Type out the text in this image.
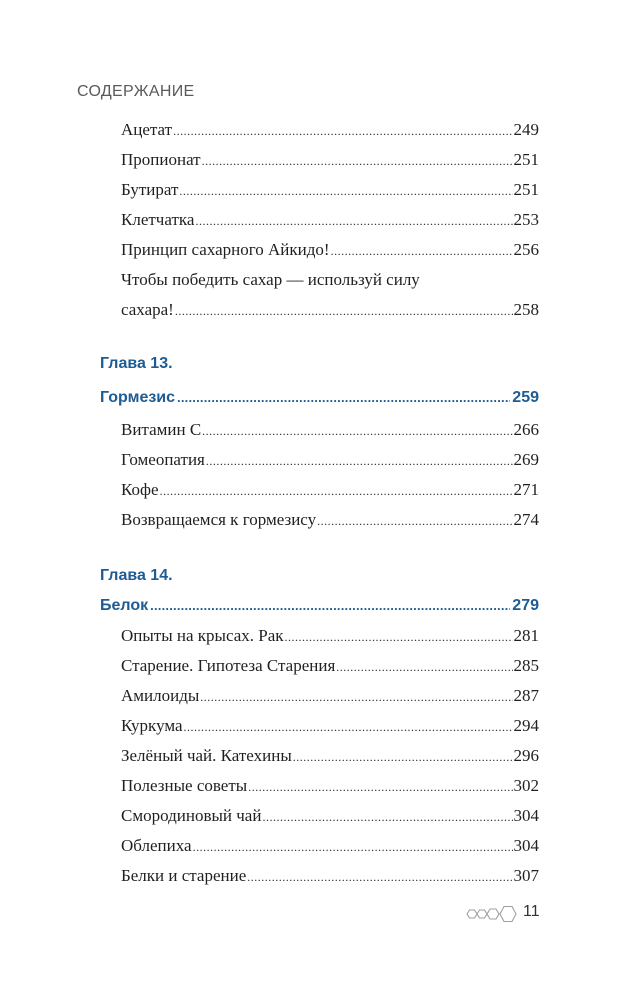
СОДЕРЖАНИЕ
Ацетат .....	249
Пропионат .....	251
Бутират .....	251
Клетчатка .....	253
Принцип сахарного Айкидо! .....	256
Чтобы победить сахар — используй силу
сахара! .....	258
Глава 13.
Гормезис .....	259
Витамин С .....	266
Гомеопатия .....	269
Кофе .....	271
Возвращаемся к гормезису .....	274
Глава 14.
Белок .....	279
Опыты на крысах. Рак .....	281
Старение. Гипотеза Старения .....	285
Амилоиды .....	287
Куркума .....	294
Зелёный чай. Катехины .....	296
Полезные советы .....	302
Смородиновый чай .....	304
Облепиха .....	304
Белки и старение .....	307
11
